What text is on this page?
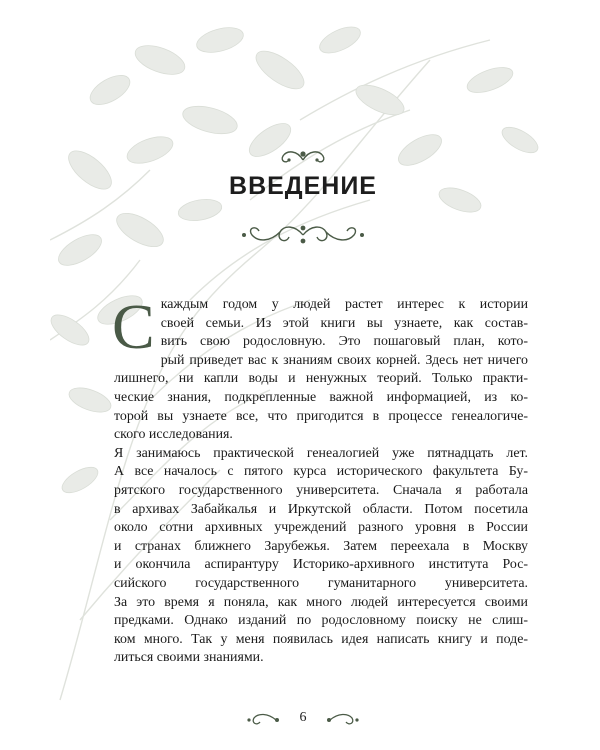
ВВЕДЕНИЕ
С каждым годом у людей растет интерес к истории
своей семьи. Из этой книги вы узнаете, как состав-
вить свою родословную. Это пошаговый план, кото-
рый приведет вас к знаниям своих корней. Здесь нет ничего
лишнего, ни капли воды и ненужных теорий. Только практи-
ческие знания, подкрепленные важной информацией, из ко-
торой вы узнаете все, что пригодится в процессе генеалогиче-
ского исследования.
Я занимаюсь практической генеалогией уже пятнадцать лет.
А все началось с пятого курса исторического факультета Бу-
рятского государственного университета. Сначала я работала
в архивах Забайкалья и Иркутской области. Потом посетила
около сотни архивных учреждений разного уровня в России
и странах ближнего Зарубежья. Затем переехала в Москву
и окончила аспирантуру Историко-архивного института Рос-
сийского государственного гуманитарного университета.
За это время я поняла, как много людей интересуется своими
предками. Однако изданий по родословному поиску не слиш-
ком много. Так у меня появилась идея написать книгу и поде-
литься своими знаниями.
6
